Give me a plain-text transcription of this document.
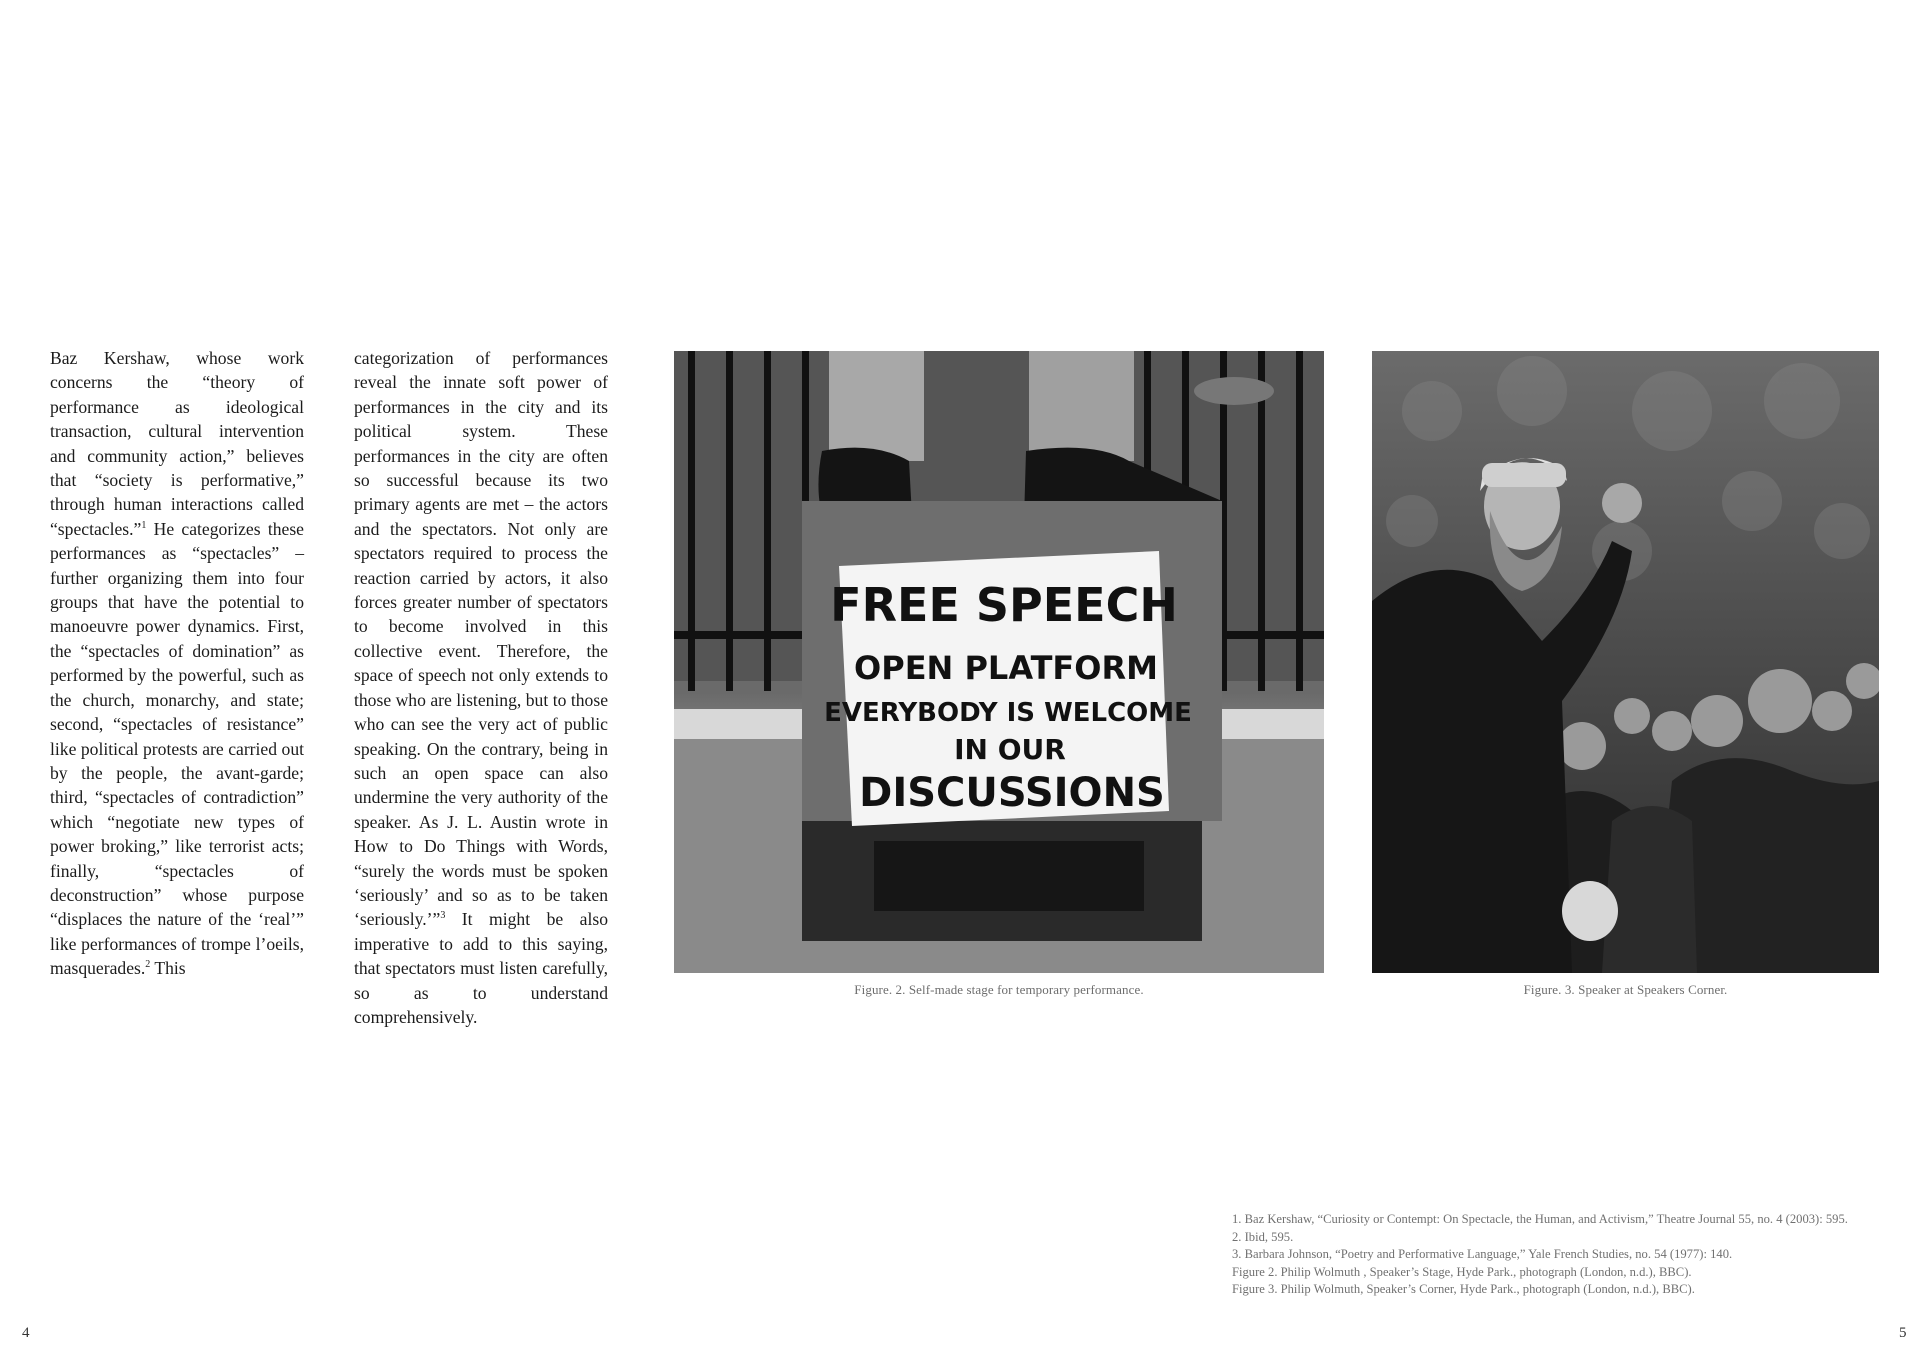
Baz Kershaw, whose work concerns the “theory of performance as ideological transaction, cultural intervention and community action,” believes that “society is performative,” through human interactions called “spectacles.”$^1$ He categorizes these performances as “spectacles” – further organizing them into four groups that have the potential to manoeuvre power dynamics. First, the “spectacles of domination” as performed by the powerful, such as the church, monarchy, and state; second, “spectacles of resistance” like political protests are carried out by the people, the avant-garde; third, “spectacles of contradiction” which “negotiate new types of power broking,” like terrorist acts; finally, “spectacles of deconstruction” whose purpose “displaces the nature of the ‘real’” like performances of trompe l’oeils, masquerades.$^2$ This

categorization of performances reveal the innate soft power of performances in the city and its political system. These performances in the city are often so successful because its two primary agents are met – the actors and the spectators. Not only are spectators required to process the reaction carried by actors, it also forces greater number of spectators to become involved in this collective event. Therefore, the space of speech not only extends to those who are listening, but to those who can see the very act of public speaking. On the contrary, being in such an open space can also undermine the very authority of the speaker. As J. L. Austin wrote in How to Do Things with Words, “surely the words must be spoken ‘seriously’ and so as to be taken ‘seriously.’”$^3$ It might be also imperative to add to this saying, that spectators must listen carefully, so as to understand comprehensively.

FREE SPEECH
OPEN PLATFORM
EVERYBODY IS WELCOME
IN OUR
DISCUSSIONS
Figure. 2. Self-made stage for temporary performance.	Figure. 3. Speaker at Speakers Corner.
1. Baz Kershaw, “Curiosity or Contempt: On Spectacle, the Human, and Activism,” Theatre Journal 55, no. 4 (2003): 595.
2. Ibid, 595.
3. Barbara Johnson, “Poetry and Performative Language,” Yale French Studies, no. 54 (1977): 140.
Figure 2. Philip Wolmuth , Speaker’s Stage, Hyde Park., photograph (London, n.d.), BBC).
Figure 3. Philip Wolmuth, Speaker’s Corner, Hyde Park., photograph (London, n.d.), BBC).
4	5
